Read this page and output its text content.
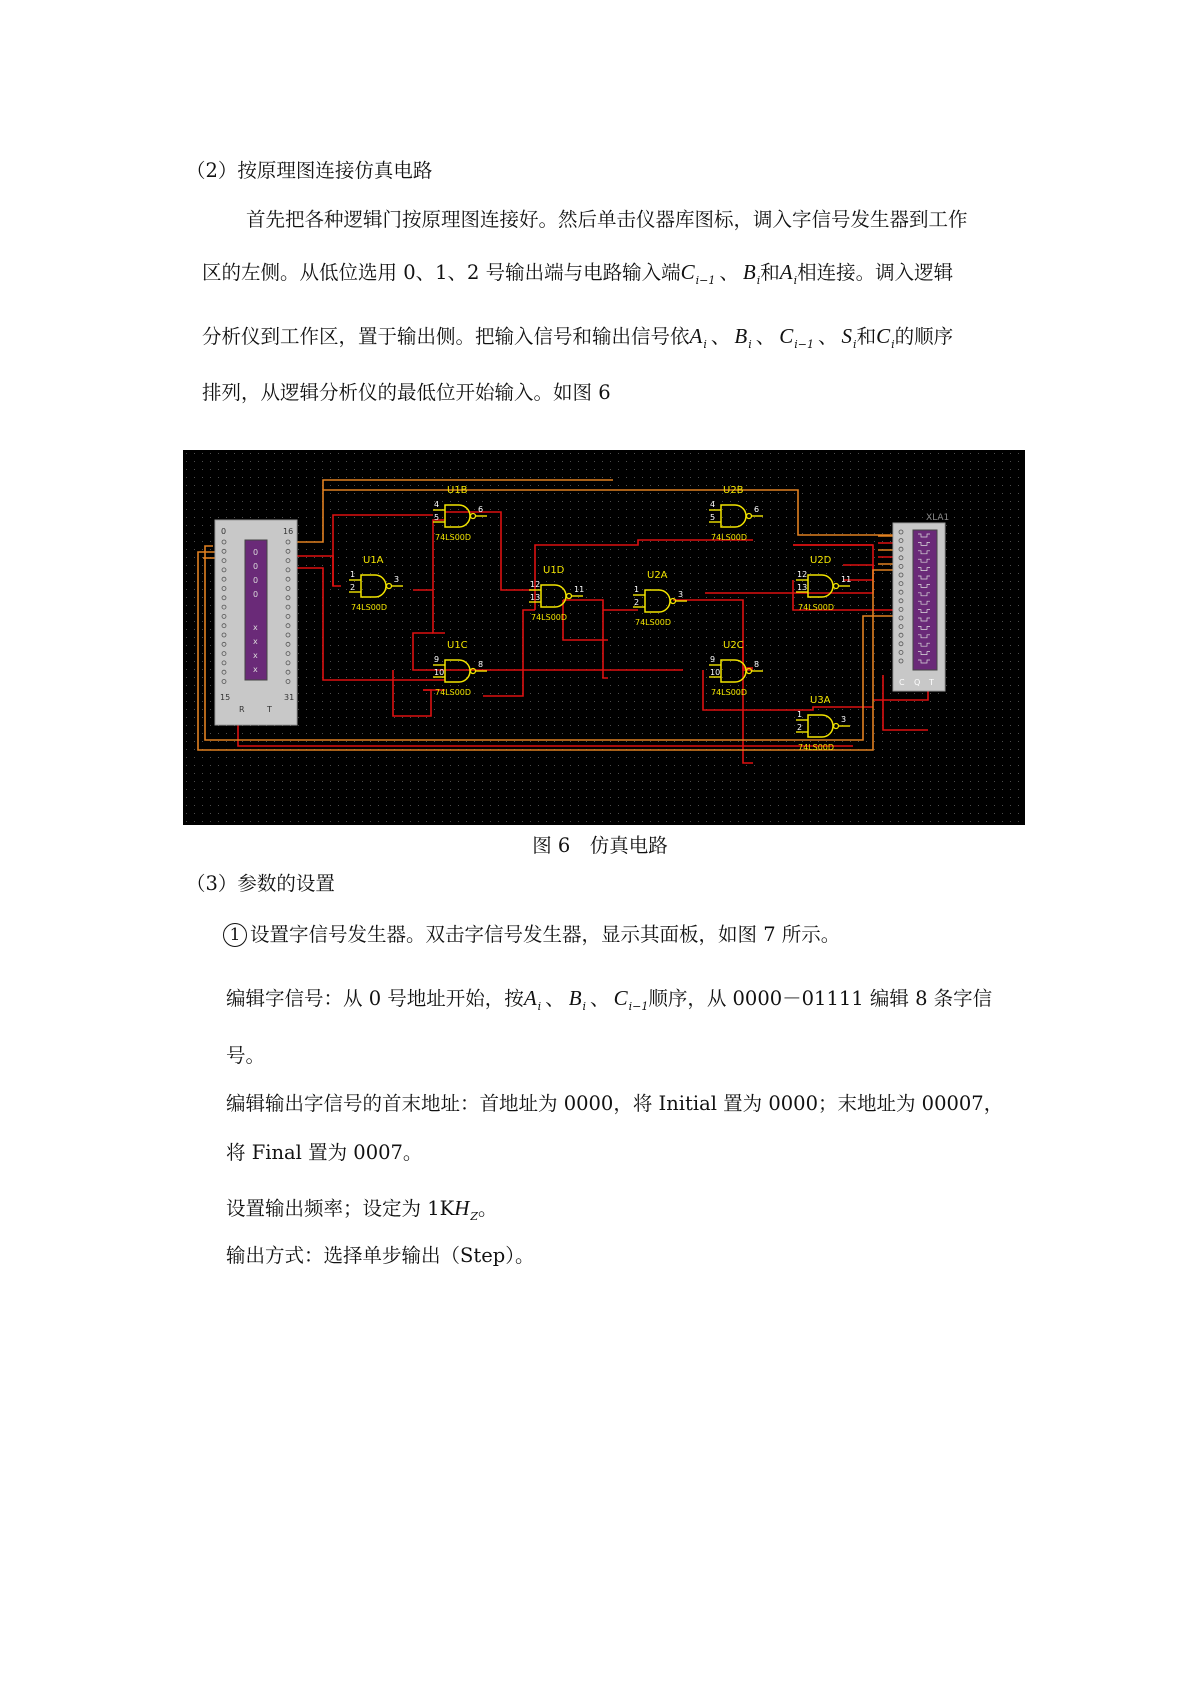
（2）按原理图连接仿真电路
首先把各种逻辑门按原理图连接好。然后单击仪器库图标，调入字信号发生器到工作
区的左侧。从低位选用 0、1、2 号输出端与电路输入端$C_{i-1}$ 、 $B_i$和$A_i$相连接。调入逻辑
分析仪到工作区，置于输出侧。把输入信号和输出信号依$A_i$ 、 $B_i$ 、 $C_{i-1}$ 、 $S_i$和$C_i$的顺序
排列，从逻辑分析仪的最低位开始输入。如图 6
0	16
15	31
R	T
0
x
0
x
0
x
0
x
XLA1
C Q T
U1A
1
2
3
74LS00D
U1B
4
5
6
74LS00D
U1C
9
10
8
74LS00D
U1D
12
13
11
74LS00D
U2A
1
2
3
74LS00D
U2B
4
5
6
74LS00D
U2C
9
10
8
74LS00D
U2D
12
13
11
74LS00D
U3A
1
2
3
74LS00D
图 6　仿真电路
（3）参数的设置
1 设置字信号发生器。双击字信号发生器，显示其面板，如图 7 所示。
编辑字信号：从 0 号地址开始，按$A_i$ 、 $B_i$ 、 $C_{i-1}$顺序，从 0000－01111 编辑 8 条字信
号。
编辑输出字信号的首末地址：首地址为 0000，将 Initial 置为 0000；末地址为 00007，
将 Final 置为 0007。
设置输出频率；设定为 $1KH_Z$。
输出方式：选择单步输出（Step）。
